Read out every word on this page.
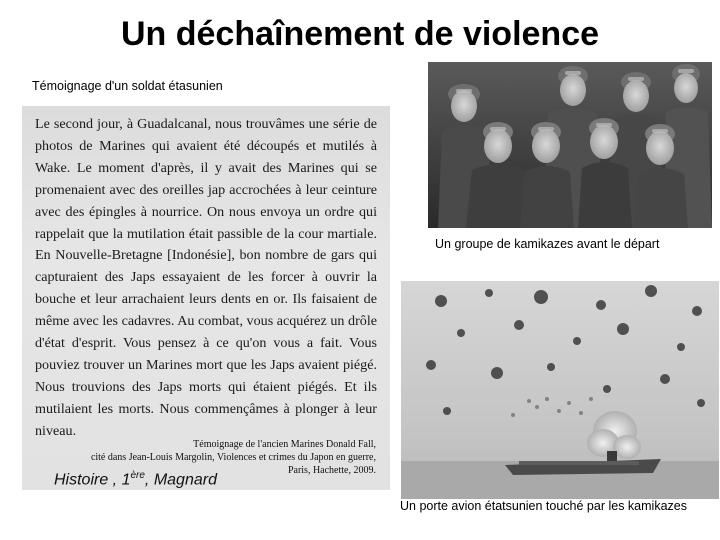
Un déchaînement de violence
Témoignage d'un soldat étasunien

Le second jour, à Guadalcanal, nous trouvâmes une série de photos de Marines qui avaient été découpés et mutilés à Wake. Le moment d'après, il y avait des Marines qui se promenaient avec des oreilles jap accrochées à leur ceinture avec des épingles à nourrice. On nous envoya un ordre qui rappelait que la mutilation était passible de la cour martiale. En Nouvelle-Bretagne [Indonésie], bon nombre de gars qui capturaient des Japs essayaient de les forcer à ouvrir la bouche et leur arrachaient leurs dents en or. Ils faisaient de même avec les cadavres. Au combat, vous acquérez un drôle d'état d'esprit. Vous pensez à ce qu'on vous a fait. Vous pouviez trouver un Marines mort que les Japs avaient piégé. Nous trouvions des Japs morts qui étaient piégés. Et ils mutilaient les morts. Nous commençâmes à plonger à leur niveau.

Témoignage de l'ancien Marines Donald Fall,
cité dans Jean-Louis Margolin, Violences et crimes du Japon en guerre,
Paris, Hachette, 2009.
Histoire , 1ère, Magnard
Un groupe de kamikazes avant le départ
Un porte avion étatsunien touché par les kamikazes
